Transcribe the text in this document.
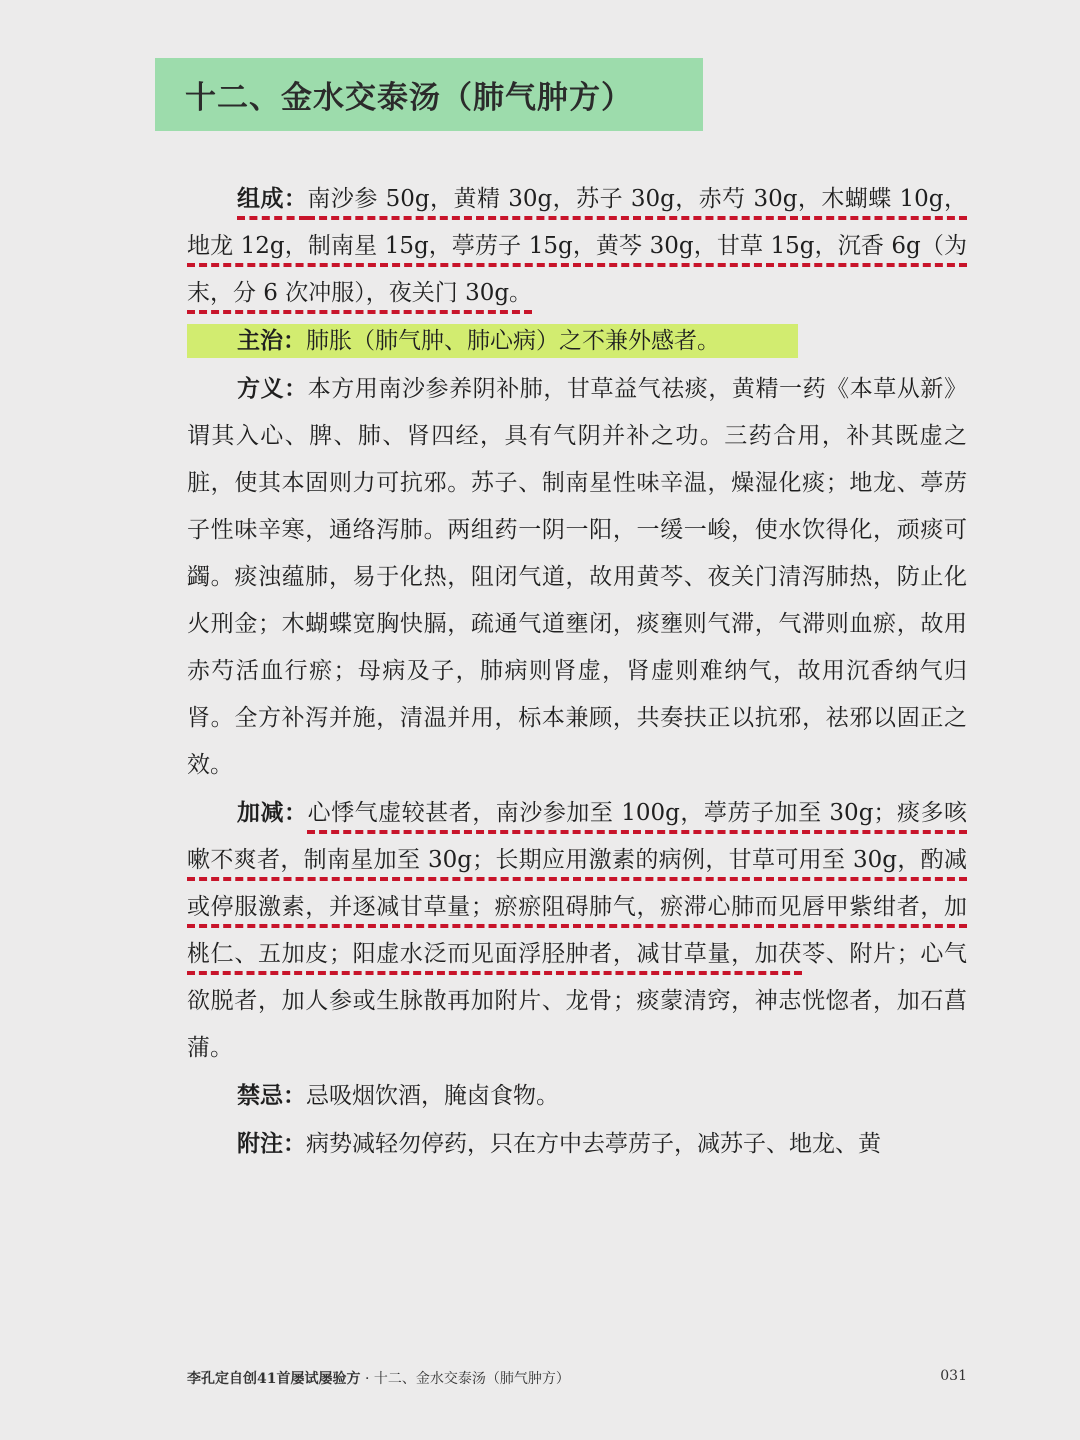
十二、金水交泰汤（肺气肿方）

组成：南沙参 50g，黄精 30g，苏子 30g，赤芍 30g，木蝴蝶 10g，地龙 12g，制南星 15g，葶苈子 15g，黄芩 30g，甘草 15g，沉香 6g（为末，分 6 次冲服），夜关门 30g。

主治：肺胀（肺气肿、肺心病）之不兼外感者。

方义：本方用南沙参养阴补肺，甘草益气祛痰，黄精一药《本草从新》谓其入心、脾、肺、肾四经，具有气阴并补之功。三药合用，补其既虚之脏，使其本固则力可抗邪。苏子、制南星性味辛温，燥湿化痰；地龙、葶苈子性味辛寒，通络泻肺。两组药一阴一阳，一缓一峻，使水饮得化，顽痰可蠲。痰浊蕴肺，易于化热，阻闭气道，故用黄芩、夜关门清泻肺热，防止化火刑金；木蝴蝶宽胸快膈，疏通气道壅闭，痰壅则气滞，气滞则血瘀，故用赤芍活血行瘀；母病及子，肺病则肾虚，肾虚则难纳气，故用沉香纳气归肾。全方补泻并施，清温并用，标本兼顾，共奏扶正以抗邪，祛邪以固正之效。

加减：心悸气虚较甚者，南沙参加至 100g，葶苈子加至 30g；痰多咳嗽不爽者，制南星加至 30g；长期应用激素的病例，甘草可用至 30g，酌减或停服激素，并逐减甘草量；瘀瘀阻碍肺气，瘀滞心肺而见唇甲紫绀者，加桃仁、五加皮；阳虚水泛而见面浮胫肿者，减甘草量，加茯苓、附片；心气欲脱者，加人参或生脉散再加附片、龙骨；痰蒙清窍，神志恍惚者，加石菖蒲。

禁忌：忌吸烟饮酒，腌卤食物。

附注：病势减轻勿停药，只在方中去葶苈子，减苏子、地龙、黄

李孔定自创41首屡试屡验方 · 十二、金水交泰汤（肺气肿方）	031
